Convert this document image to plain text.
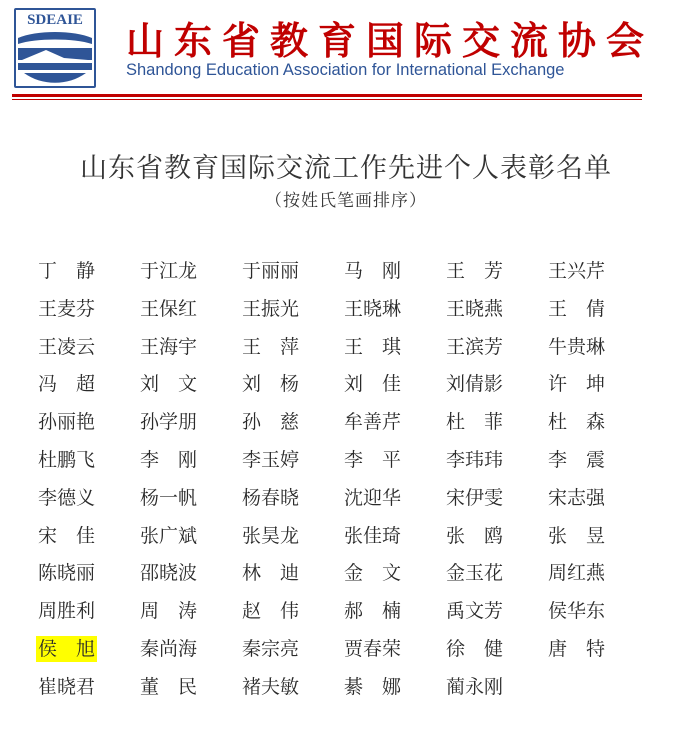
SDEAIE 山东省教育国际交流协会
Shandong Education Association for International Exchange
山东省教育国际交流工作先进个人表彰名单
（按姓氏笔画排序）
丁　静	于江龙	于丽丽	马　刚	王　芳	王兴芹
王麦芬	王保红	王振光	王晓琳	王晓燕	王　倩
王凌云	王海宇	王　萍	王　琪	王滨芳	牛贵琳
冯　超	刘　文	刘　杨	刘　佳	刘倩影	许　坤
孙丽艳	孙学朋	孙　慈	牟善芹	杜　菲	杜　森
杜鹏飞	李　刚	李玉婷	李　平	李玮玮	李　震
李德义	杨一帆	杨春晓	沈迎华	宋伊雯	宋志强
宋　佳	张广斌	张昊龙	张佳琦	张　鸥	张　昱
陈晓丽	邵晓波	林　迪	金　文	金玉花	周红燕
周胜利	周　涛	赵　伟	郝　楠	禹文芳	侯华东
侯　旭	秦尚海	秦宗亮	贾春荣	徐　健	唐　特
崔晓君	董　民	褚夫敏	綦　娜	蔺永刚
